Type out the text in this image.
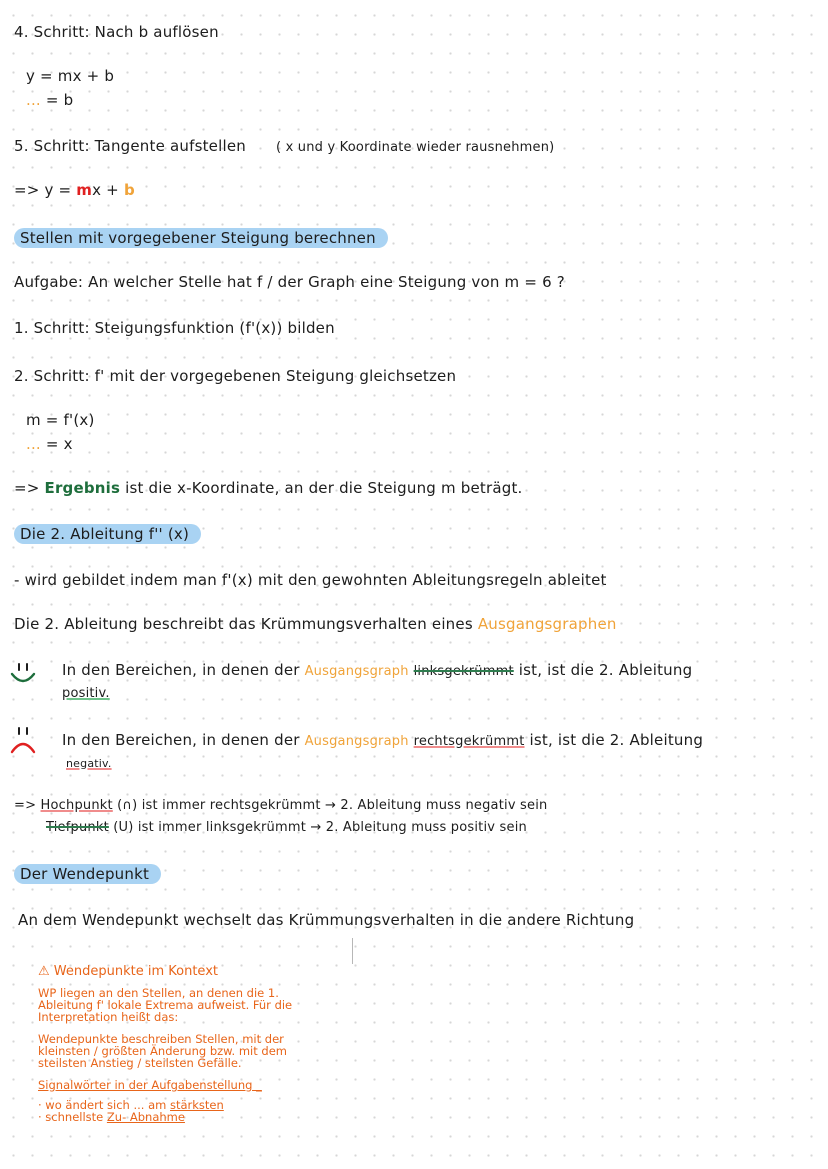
4. Schritt: Nach b auflösen
y = mx + b
... = b
5. Schritt: Tangente aufstellen ( x und y Koordinate wieder rausnehmen)
=> y = mx + b
Stellen mit vorgegebener Steigung berechnen
Aufgabe: An welcher Stelle hat f / der Graph eine Steigung von m = 6 ?
1. Schritt: Steigungsfunktion (f'(x)) bilden
2. Schritt: f' mit der vorgegebenen Steigung gleichsetzen
m = f'(x)
... = x
=> Ergebnis ist die x-Koordinate, an der die Steigung m beträgt.
Die 2. Ableitung f'' (x)
- wird gebildet indem man f'(x) mit den gewohnten Ableitungsregeln ableitet
Die 2. Ableitung beschreibt das Krümmungsverhalten eines Ausgangsgraphen
In den Bereichen, in denen der Ausgangsgraph linksgekrümmt ist, ist die 2. Ableitung
positiv.
In den Bereichen, in denen der Ausgangsgraph rechtsgekrümmt ist, ist die 2. Ableitung
negativ.
=> Hochpunkt (∩) ist immer rechtsgekrümmt → 2. Ableitung muss negativ sein
Tiefpunkt (U) ist immer linksgekrümmt → 2. Ableitung muss positiv sein
Der Wendepunkt
An dem Wendepunkt wechselt das Krümmungsverhalten in die andere Richtung

⚠ Wendepunkte im Kontext

WP liegen an den Stellen, an denen die 1. Ableitung f' lokale Extrema aufweist. Für die Interpretation heißt das:
Wendepunkte beschreiben Stellen, mit der kleinsten / größten Änderung bzw. mit dem steilsten Anstieg / steilsten Gefälle.
Signalwörter in der Aufgabenstellung _
· wo ändert sich ... am stärksten
· schnellste Zu- Abnahme
